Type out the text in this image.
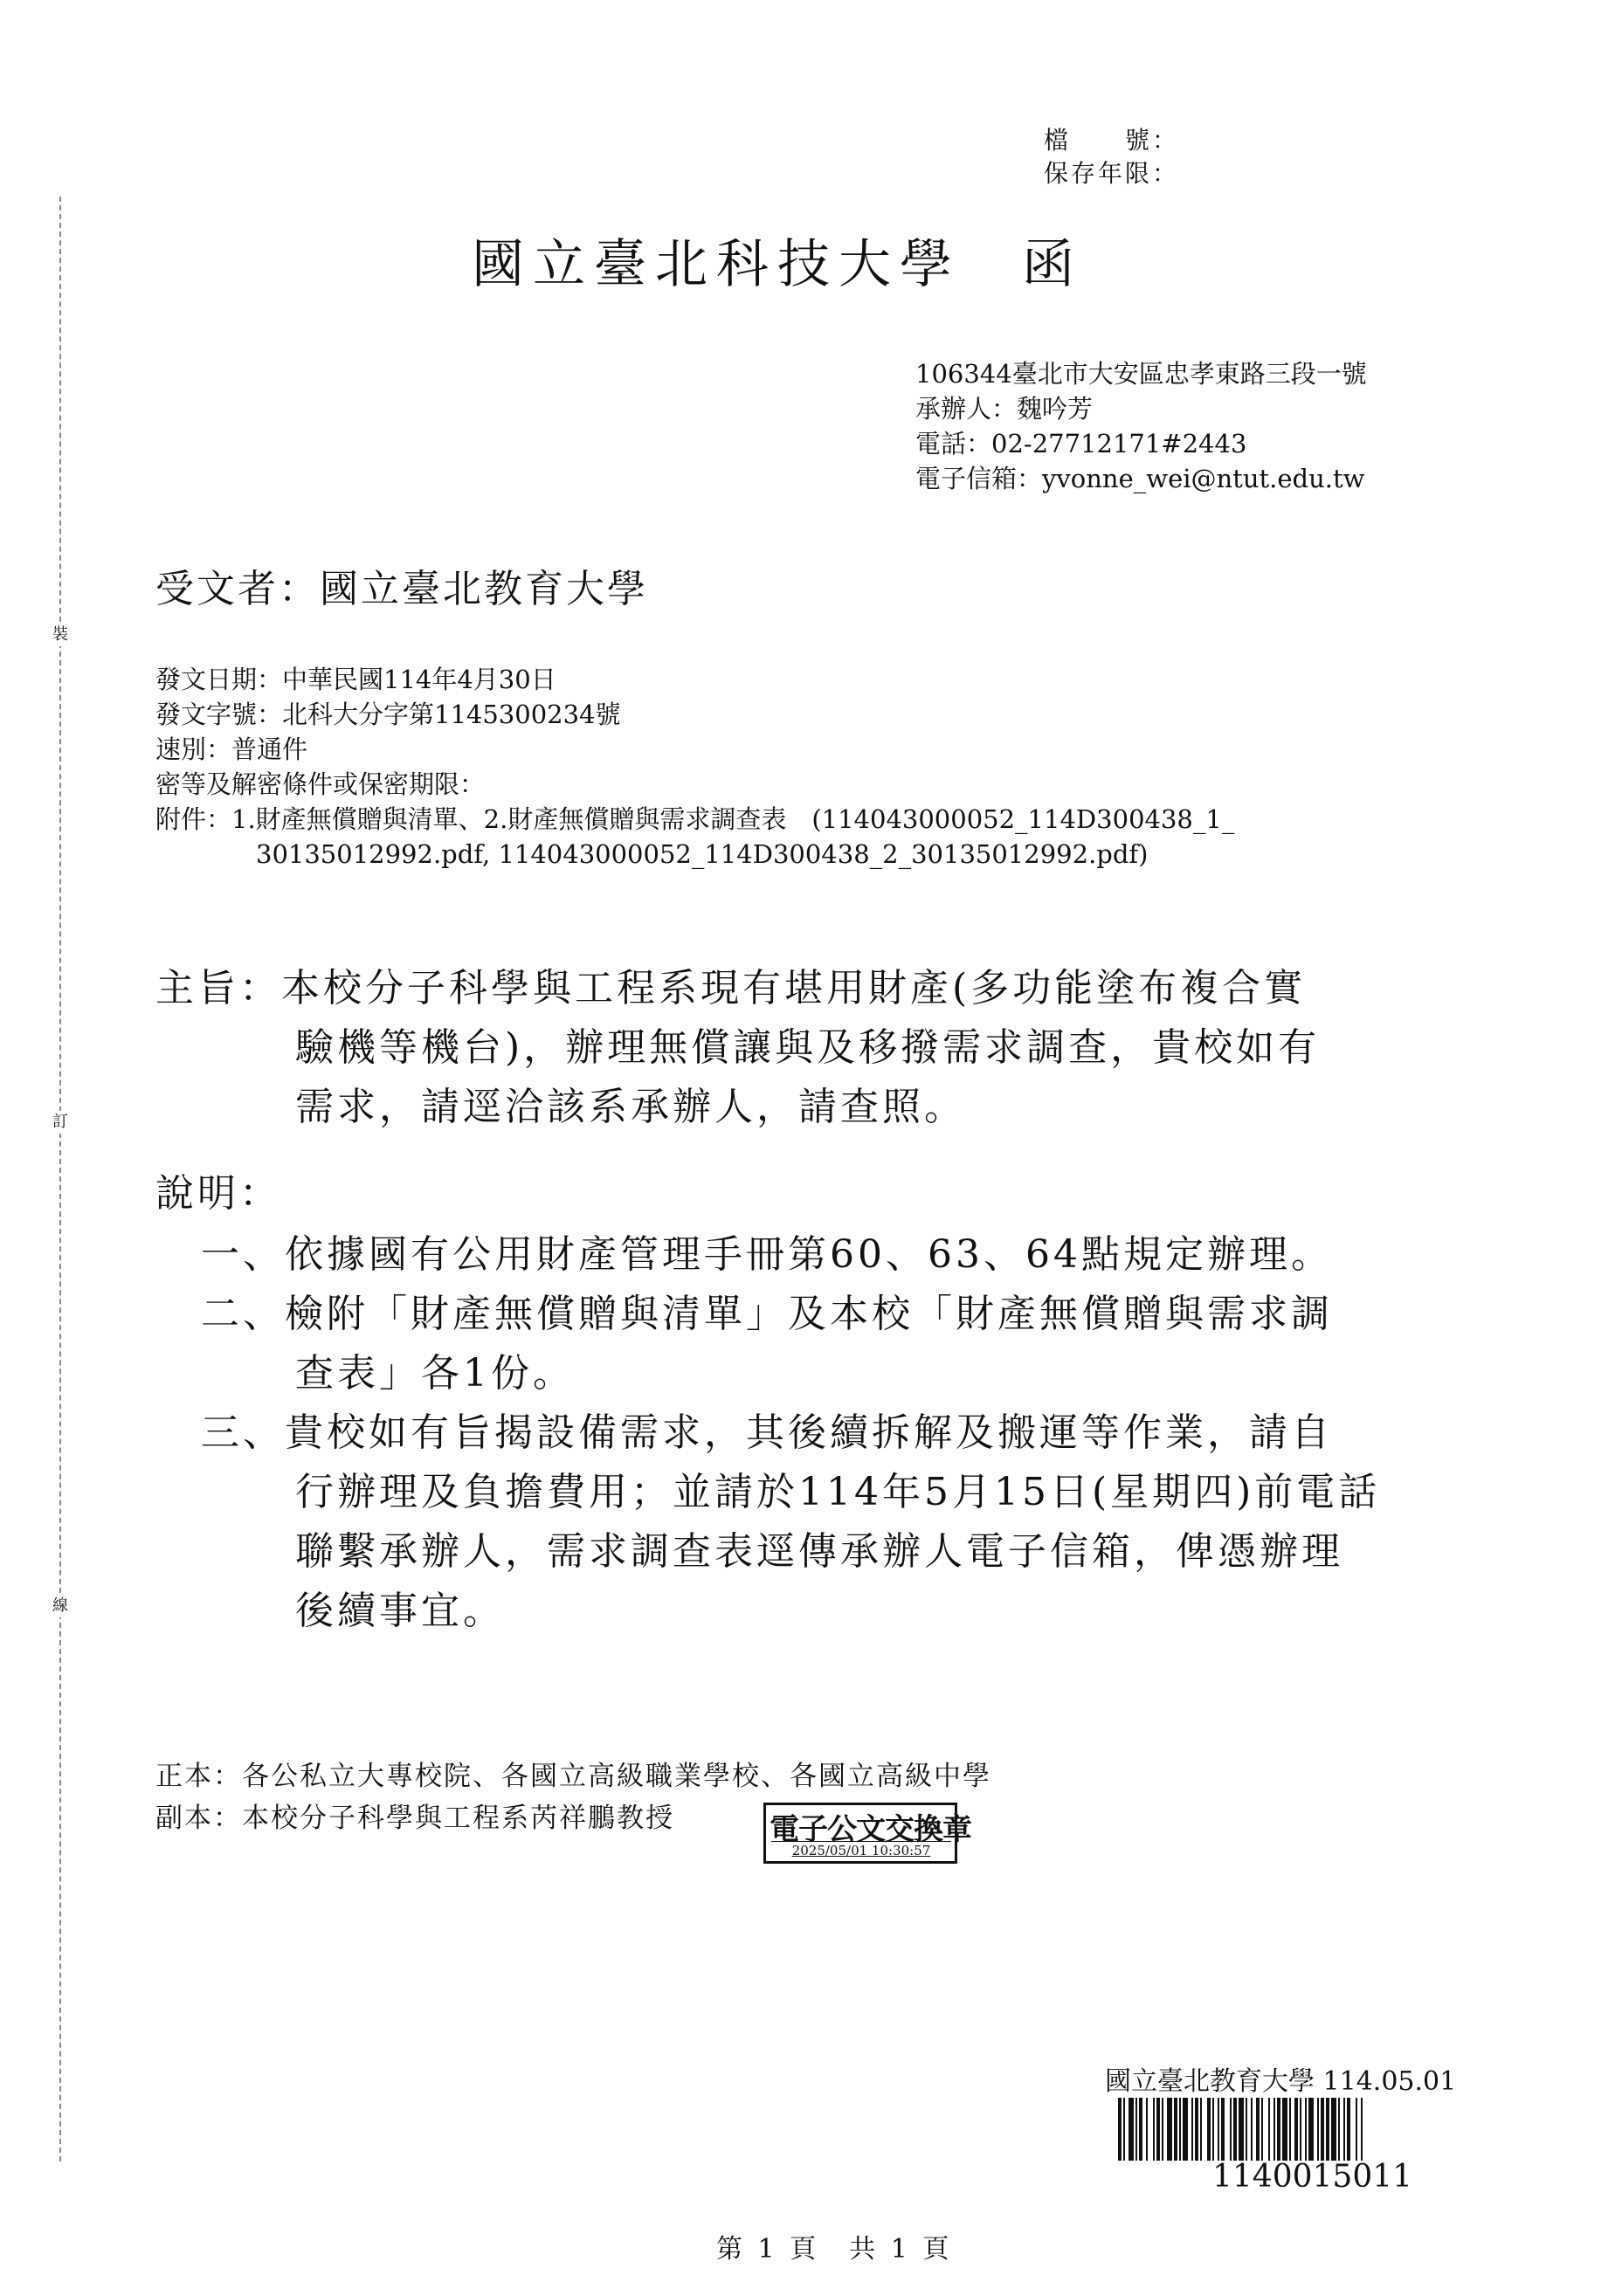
裝
訂
線
檔　　號：
保存年限：
國立臺北科技大學　函
106344臺北市大安區忠孝東路三段一號
承辦人：魏吟芳
電話：02-27712171#2443
電子信箱：yvonne_wei@ntut.edu.tw
受文者：國立臺北教育大學
發文日期：中華民國114年4月30日
發文字號：北科大分字第1145300234號
速別：普通件
密等及解密條件或保密期限：
附件：1.財產無償贈與清單、2.財產無償贈與需求調查表　(114043000052_114D300438_1_
30135012992.pdf, 114043000052_114D300438_2_30135012992.pdf)
主旨：本校分子科學與工程系現有堪用財產(多功能塗布複合實
驗機等機台)，辦理無償讓與及移撥需求調查，貴校如有
需求，請逕洽該系承辦人，請查照。
說明：
一、依據國有公用財產管理手冊第60、63、64點規定辦理。
二、檢附「財產無償贈與清單」及本校「財產無償贈與需求調
查表」各1份。
三、貴校如有旨揭設備需求，其後續拆解及搬運等作業，請自
行辦理及負擔費用；並請於114年5月15日(星期四)前電話
聯繫承辦人，需求調查表逕傳承辦人電子信箱，俾憑辦理
後續事宜。
正本：各公私立大專校院、各國立高級職業學校、各國立高級中學
副本：本校分子科學與工程系芮祥鵬教授	電子公文交換章
2025/05/01 10:30:57
國立臺北教育大學 114.05.01
1140015011
第 1 頁　共 1 頁
